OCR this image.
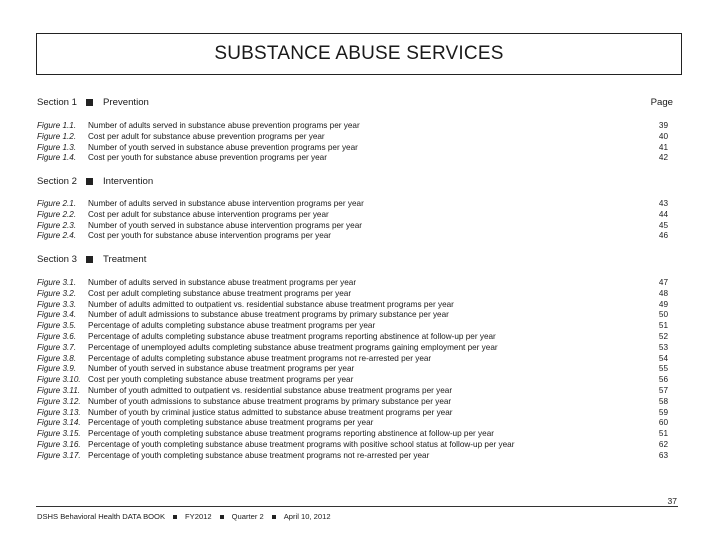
SUBSTANCE ABUSE SERVICES
Section 1	Prevention	Page
Figure 1.1.	Number of adults served in substance abuse prevention programs per year	39
Figure 1.2.	Cost per adult for substance abuse prevention programs per year	40
Figure 1.3.	Number of youth served in substance abuse prevention programs per year	41
Figure 1.4.	Cost per youth for substance abuse prevention programs per year	42
Section 2	Intervention
Figure 2.1.	Number of adults served in substance abuse intervention programs per year	43
Figure 2.2.	Cost per adult for substance abuse intervention programs per year	44
Figure 2.3.	Number of youth served in substance abuse intervention programs per year	45
Figure 2.4.	Cost per youth for substance abuse intervention programs per year	46
Section 3	Treatment
Figure 3.1.	Number of adults served in substance abuse treatment programs per year	47
Figure 3.2.	Cost per adult completing substance abuse treatment programs per year	48
Figure 3.3.	Number of adults admitted to outpatient vs. residential substance abuse treatment programs per year	49
Figure 3.4.	Number of adult admissions to substance abuse treatment programs by primary substance per year	50
Figure 3.5.	Percentage of adults completing substance abuse treatment programs per year	51
Figure 3.6.	Percentage of adults completing substance abuse treatment programs reporting abstinence at follow-up per year	52
Figure 3.7.	Percentage of unemployed adults completing substance abuse treatment programs gaining employment per year	53
Figure 3.8.	Percentage of adults completing substance abuse treatment programs not re-arrested per year	54
Figure 3.9.	Number of youth served in substance abuse treatment programs per year	55
Figure 3.10. Cost per youth completing substance abuse treatment programs per year	56
Figure 3.11. Number of youth admitted to outpatient vs. residential substance abuse treatment programs per year	57
Figure 3.12. Number of youth admissions to substance abuse treatment programs by primary substance per year	58
Figure 3.13. Number of youth by criminal justice status admitted to substance abuse treatment programs per year	59
Figure 3.14. Percentage of youth completing substance abuse treatment programs per year	60
Figure 3.15. Percentage of youth completing substance abuse treatment programs reporting abstinence at follow-up per year	51
Figure 3.16. Percentage of youth completing substance abuse treatment programs with positive school status at follow-up per year	62
Figure 3.17. Percentage of youth completing substance abuse treatment programs not re-arrested per year	63
37
DSHS Behavioral Health DATA BOOK	FY2012	Quarter 2	April 10, 2012
